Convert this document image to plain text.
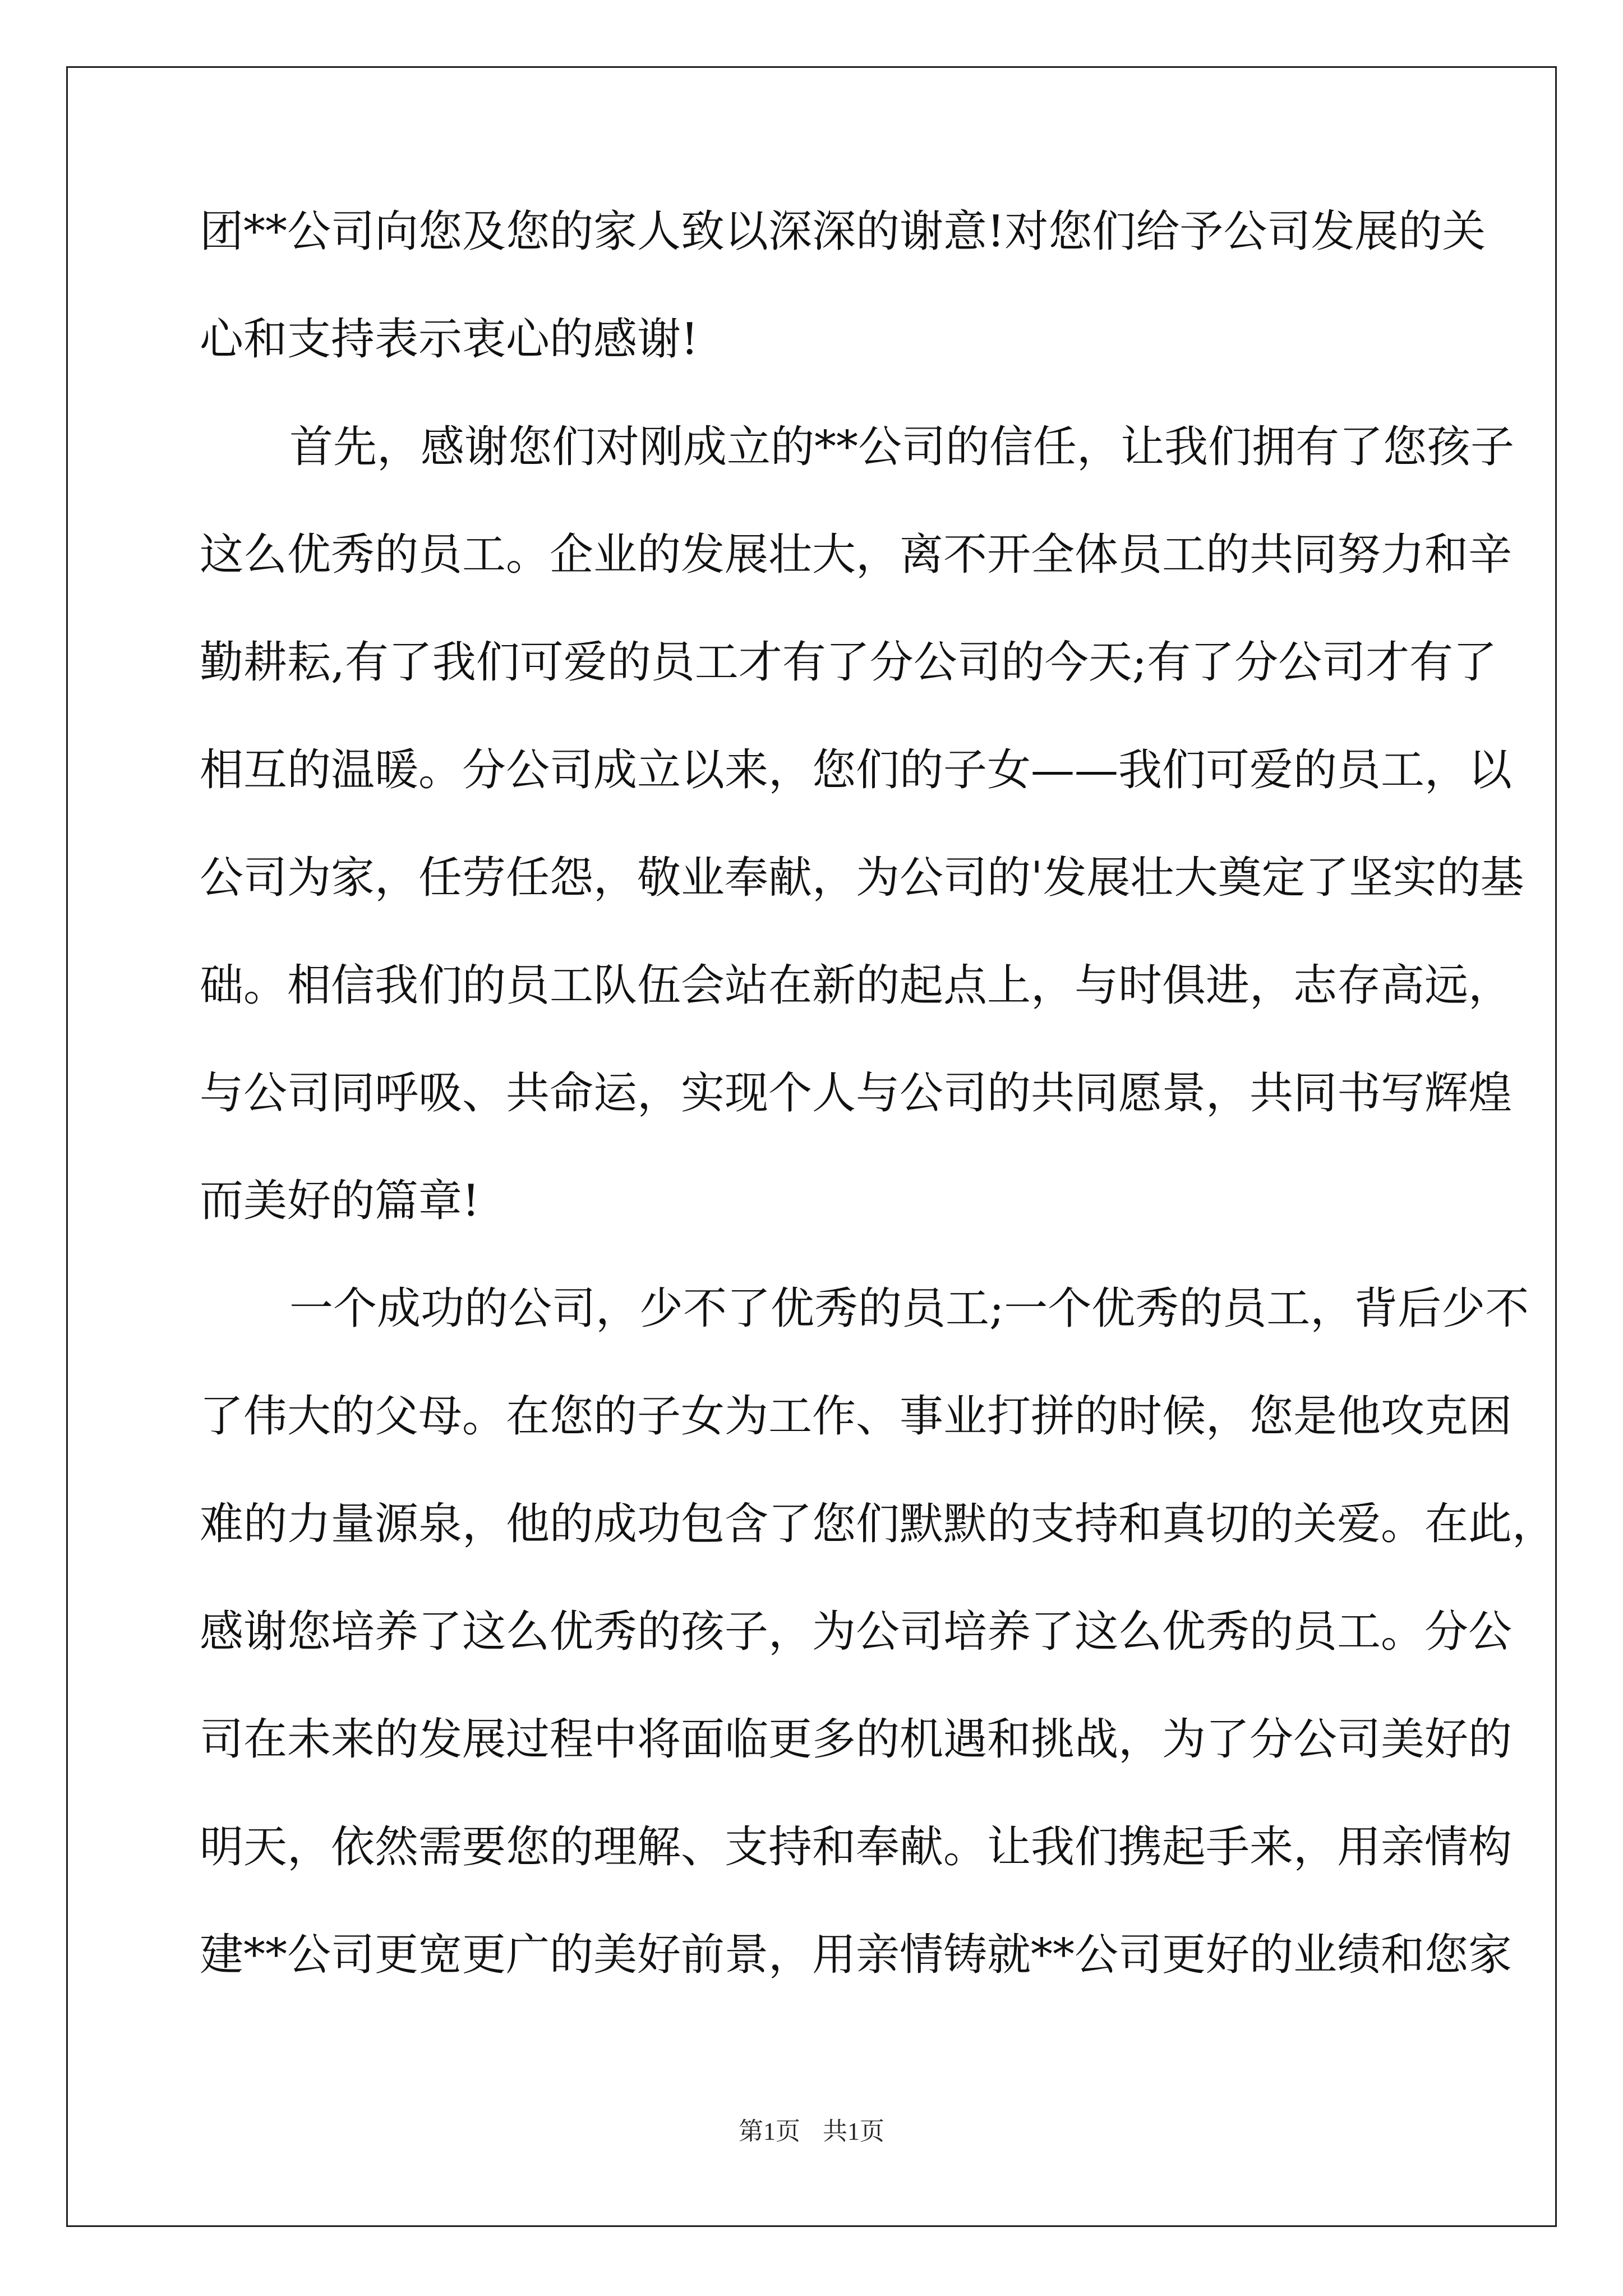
团**公司向您及您的家人致以深深的谢意!对您们给予公司发展的关
心和支持表示衷心的感谢!
首先，感谢您们对刚成立的**公司的信任，让我们拥有了您孩子
这么优秀的员工。企业的发展壮大，离不开全体员工的共同努力和辛
勤耕耘,有了我们可爱的员工才有了分公司的今天;有了分公司才有了
相互的温暖。分公司成立以来，您们的子女——我们可爱的员工，以
公司为家，任劳任怨，敬业奉献，为公司的'发展壮大奠定了坚实的基
础。相信我们的员工队伍会站在新的起点上，与时俱进，志存高远，
与公司同呼吸、共命运，实现个人与公司的共同愿景，共同书写辉煌
而美好的篇章!
一个成功的公司，少不了优秀的员工;一个优秀的员工，背后少不
了伟大的父母。在您的子女为工作、事业打拼的时候，您是他攻克困
难的力量源泉，他的成功包含了您们默默的支持和真切的关爱。在此，
感谢您培养了这么优秀的孩子，为公司培养了这么优秀的员工。分公
司在未来的发展过程中将面临更多的机遇和挑战，为了分公司美好的
明天，依然需要您的理解、支持和奉献。让我们携起手来，用亲情构
建**公司更宽更广的美好前景，用亲情铸就**公司更好的业绩和您家
第1页 共1页
